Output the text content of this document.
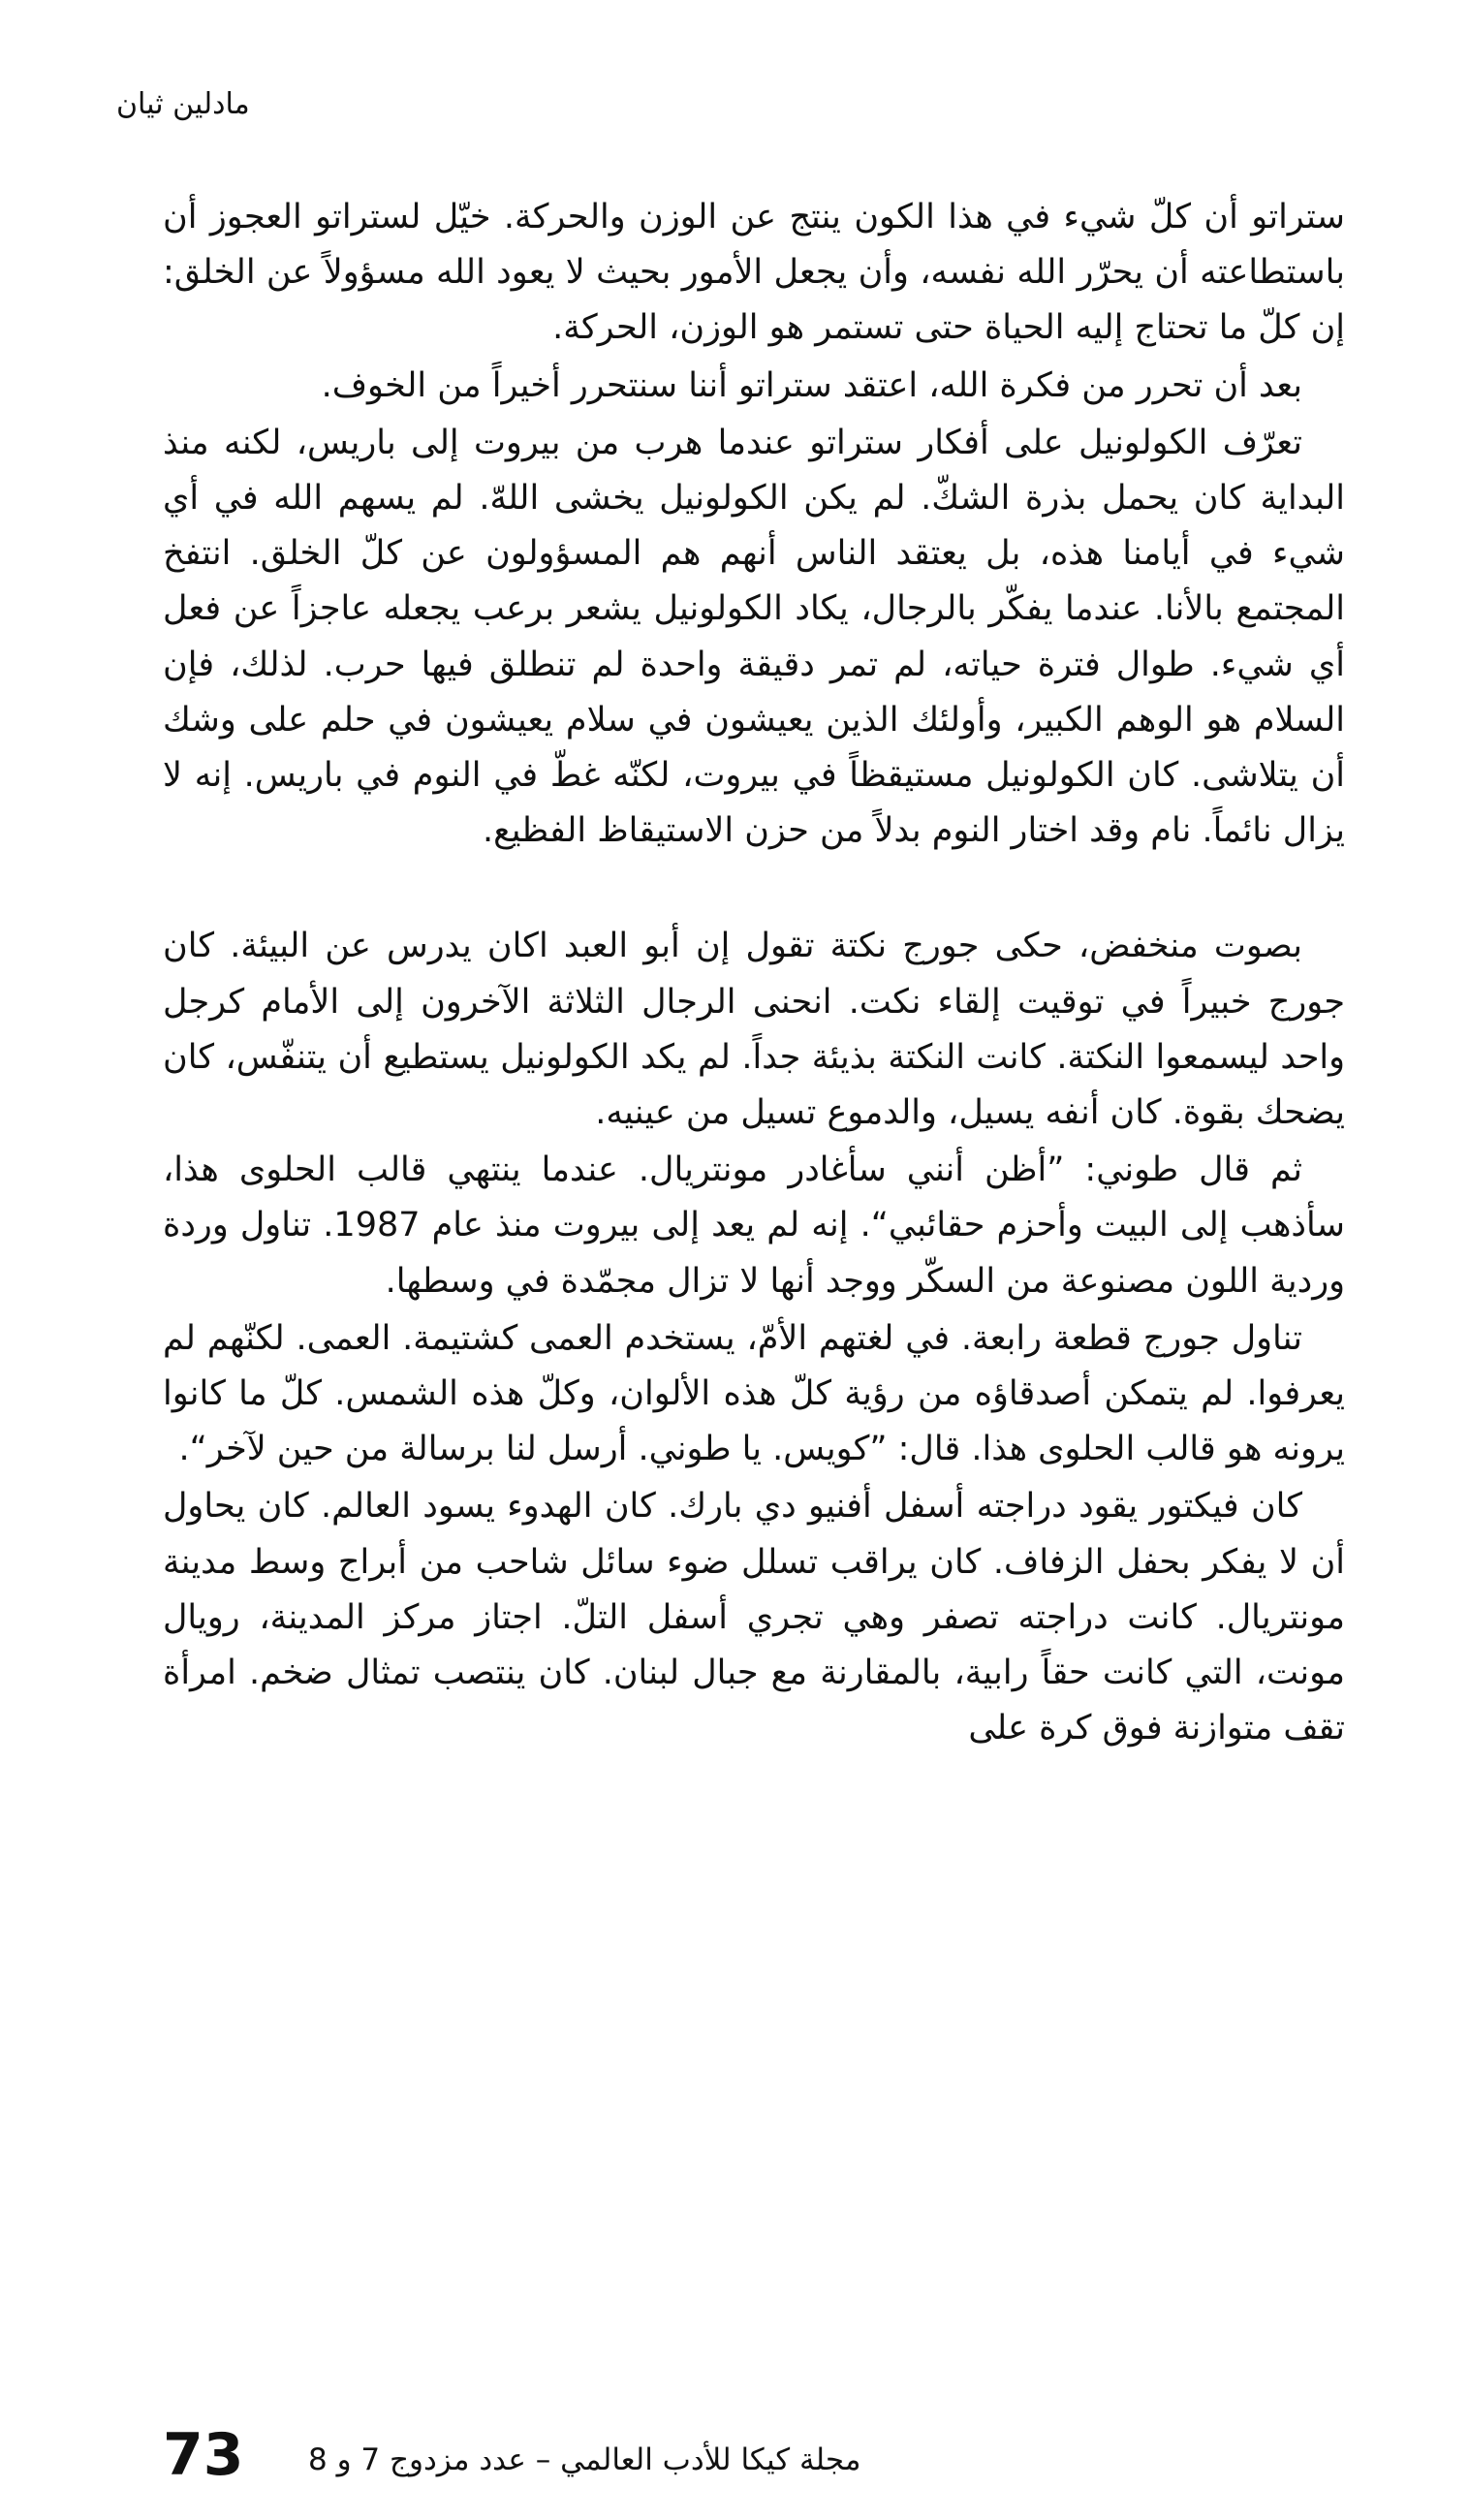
مادلين ثيان

ستراتو أن كلّ شيء في هذا الكون ينتج عن الوزن والحركة. خيّل لستراتو العجوز أن باستطاعته أن يحرّر الله نفسه، وأن يجعل الأمور بحيث لا يعود الله مسؤولاً عن الخلق: إن كلّ ما تحتاج إليه الحياة حتى تستمر هو الوزن، الحركة.

بعد أن تحرر من فكرة الله، اعتقد ستراتو أننا سنتحرر أخيراً من الخوف.

تعرّف الكولونيل على أفكار ستراتو عندما هرب من بيروت إلى باريس، لكنه منذ البداية كان يحمل بذرة الشكّ. لم يكن الكولونيل يخشى اللهّ. لم يسهم الله في أي شيء في أيامنا هذه، بل يعتقد الناس أنهم هم المسؤولون عن كلّ الخلق. انتفخ المجتمع بالأنا. عندما يفكّر بالرجال، يكاد الكولونيل يشعر برعب يجعله عاجزاً عن فعل أي شيء. طوال فترة حياته، لم تمر دقيقة واحدة لم تنطلق فيها حرب. لذلك، فإن السلام هو الوهم الكبير، وأولئك الذين يعيشون في سلام يعيشون في حلم على وشك أن يتلاشى. كان الكولونيل مستيقظاً في بيروت، لكنّه غطّ في النوم في باريس. إنه لا يزال نائماً. نام وقد اختار النوم بدلاً من حزن الاستيقاظ الفظيع.

بصوت منخفض، حكى جورج نكتة تقول إن أبو العبد اكان يدرس عن البيئة. كان جورج خبيراً في توقيت إلقاء نكت. انحنى الرجال الثلاثة الآخرون إلى الأمام كرجل واحد ليسمعوا النكتة. كانت النكتة بذيئة جداً. لم يكد الكولونيل يستطيع أن يتنفّس، كان يضحك بقوة. كان أنفه يسيل، والدموع تسيل من عينيه.

ثم قال طوني: ”أظن أنني سأغادر مونتريال. عندما ينتهي قالب الحلوى هذا، سأذهب إلى البيت وأحزم حقائبي“. إنه لم يعد إلى بيروت منذ عام 1987. تناول وردة وردية اللون مصنوعة من السكّر ووجد أنها لا تزال مجمّدة في وسطها.

تناول جورج قطعة رابعة. في لغتهم الأمّ، يستخدم العمى كشتيمة. العمى. لكنّهم لم يعرفوا. لم يتمكن أصدقاؤه من رؤية كلّ هذه الألوان، وكلّ هذه الشمس. كلّ ما كانوا يرونه هو قالب الحلوى هذا. قال: ”كويس. يا طوني. أرسل لنا برسالة من حين لآخر“.

كان فيكتور يقود دراجته أسفل أفنيو دي بارك. كان الهدوء يسود العالم. كان يحاول أن لا يفكر بحفل الزفاف. كان يراقب تسلل ضوء سائل شاحب من أبراج وسط مدينة مونتريال. كانت دراجته تصفر وهي تجري أسفل التلّ. اجتاز مركز المدينة، رويال مونت، التي كانت حقاً رابية، بالمقارنة مع جبال لبنان. كان ينتصب تمثال ضخم. امرأة تقف متوازنة فوق كرة على

73 مجلة كيكا للأدب العالمي – عدد مزدوج 7 و 8
